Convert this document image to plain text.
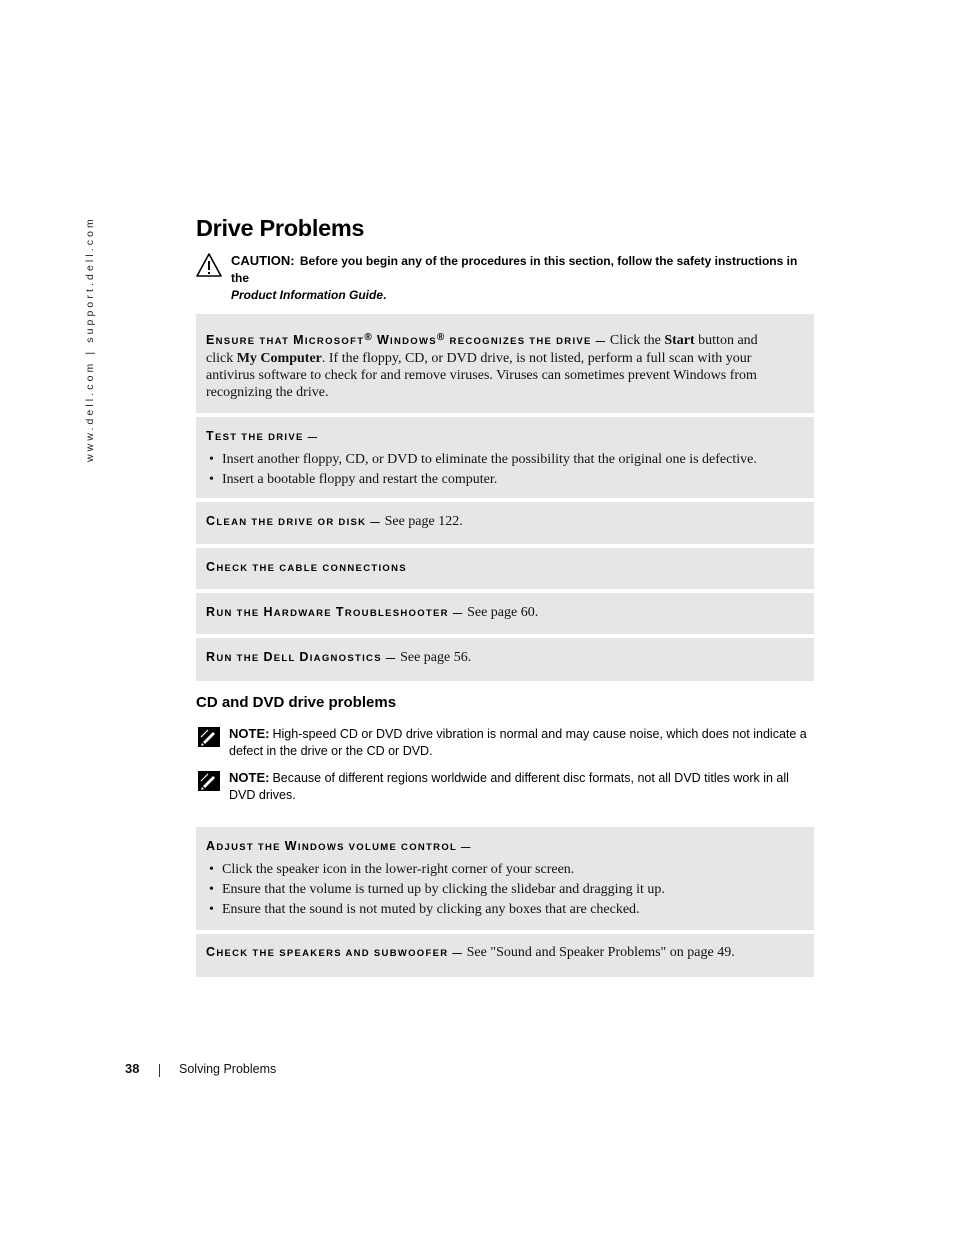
www.dell.com | support.dell.com	Drive Problems
CAUTION: Before you begin any of the procedures in this section, follow the safety instructions in the
Product Information Guide.
ENSURE THAT MICROSOFT® WINDOWS® RECOGNIZES THE DRIVE — Click the Start button and click My Computer. If the floppy, CD, or DVD drive, is not listed, perform a full scan with your antivirus software to check for and remove viruses. Viruses can sometimes prevent Windows from recognizing the drive.
TEST THE DRIVE —
• Insert another floppy, CD, or DVD to eliminate the possibility that the original one is defective.
• Insert a bootable floppy and restart the computer.
CLEAN THE DRIVE OR DISK — See page 122.
CHECK THE CABLE CONNECTIONS
RUN THE HARDWARE TROUBLESHOOTER — See page 60.
RUN THE DELL DIAGNOSTICS — See page 56.
CD and DVD drive problems
NOTE: High-speed CD or DVD drive vibration is normal and may cause noise, which does not indicate a defect in the drive or the CD or DVD.
NOTE: Because of different regions worldwide and different disc formats, not all DVD titles work in all DVD drives.
ADJUST THE WINDOWS VOLUME CONTROL —
• Click the speaker icon in the lower-right corner of your screen.
• Ensure that the volume is turned up by clicking the slidebar and dragging it up.
• Ensure that the sound is not muted by clicking any boxes that are checked.
CHECK THE SPEAKERS AND SUBWOOFER — See "Sound and Speaker Problems" on page 49.
38	Solving Problems
